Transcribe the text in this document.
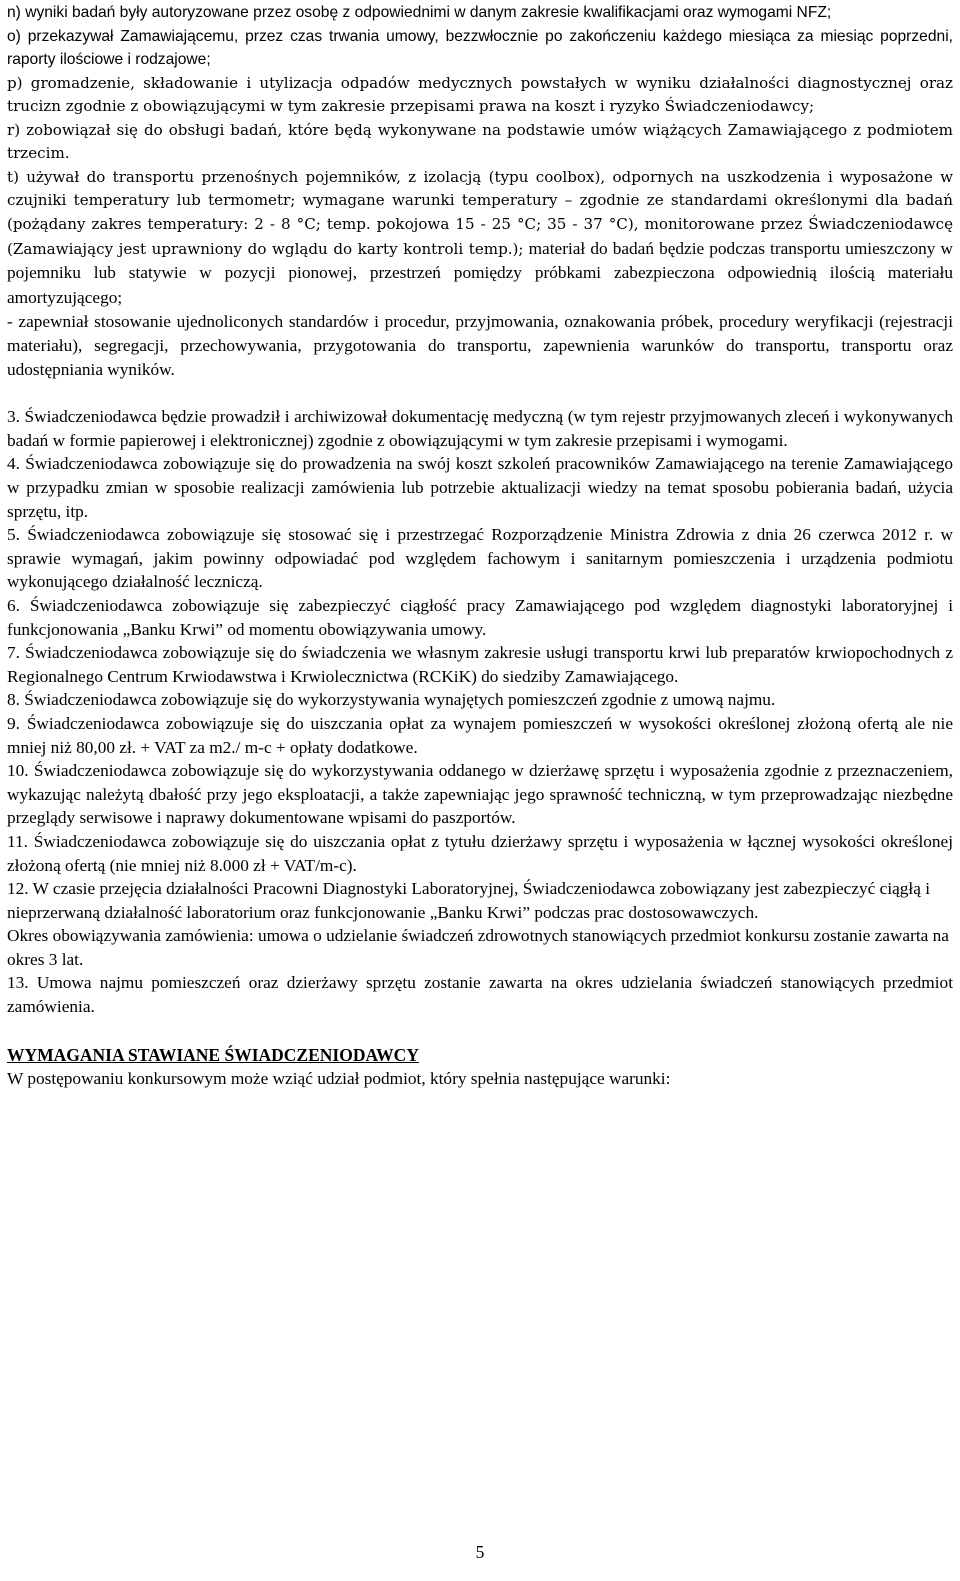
n) wyniki badań były autoryzowane przez osobę z odpowiednimi w danym zakresie kwalifikacjami oraz wymogami NFZ;

o) przekazywał Zamawiającemu, przez czas trwania umowy, bezzwłocznie po zakończeniu każdego miesiąca za miesiąc poprzedni, raporty ilościowe i rodzajowe;

p) gromadzenie, składowanie i utylizacja odpadów medycznych powstałych w wyniku działalności diagnostycznej oraz trucizn zgodnie z obowiązującymi w tym zakresie przepisami prawa na koszt i ryzyko Świadczeniodawcy;

r) zobowiązał się do obsługi badań, które będą wykonywane na podstawie umów wiążących Zamawiającego z podmiotem trzecim.

t) używał do transportu przenośnych pojemników, z izolacją (typu coolbox), odpornych na uszkodzenia i wyposażone w czujniki temperatury lub termometr; wymagane warunki temperatury – zgodnie ze standardami określonymi dla badań (pożądany zakres temperatury: 2 - 8 °C; temp. pokojowa 15 - 25 °C; 35 - 37 °C), monitorowane przez Świadczeniodawcę (Zamawiający jest uprawniony do wglądu do karty kontroli temp.); materiał do badań będzie podczas transportu umieszczony w pojemniku lub statywie w pozycji pionowej, przestrzeń pomiędzy próbkami zabezpieczona odpowiednią ilością materiału amortyzującego;

- zapewniał stosowanie ujednoliconych standardów i procedur, przyjmowania, oznakowania próbek, procedury weryfikacji (rejestracji materiału), segregacji, przechowywania, przygotowania do transportu, zapewnienia warunków do transportu, transportu oraz udostępniania wyników.

3. Świadczeniodawca będzie prowadził i archiwizował dokumentację medyczną (w tym rejestr przyjmowanych zleceń i wykonywanych badań w formie papierowej i elektronicznej) zgodnie z obowiązującymi w tym zakresie przepisami i wymogami.

4. Świadczeniodawca zobowiązuje się do prowadzenia na swój koszt szkoleń pracowników Zamawiającego na terenie Zamawiającego w przypadku zmian w sposobie realizacji zamówienia lub potrzebie aktualizacji wiedzy na temat sposobu pobierania badań, użycia sprzętu, itp.

5. Świadczeniodawca zobowiązuje się stosować się i przestrzegać Rozporządzenie Ministra Zdrowia z dnia 26 czerwca 2012 r. w sprawie wymagań, jakim powinny odpowiadać pod względem fachowym i sanitarnym pomieszczenia i urządzenia podmiotu wykonującego działalność leczniczą.

6. Świadczeniodawca zobowiązuje się zabezpieczyć ciągłość pracy Zamawiającego pod względem diagnostyki laboratoryjnej i funkcjonowania „Banku Krwi” od momentu obowiązywania umowy.

7. Świadczeniodawca zobowiązuje się do świadczenia we własnym zakresie usługi transportu krwi lub preparatów krwiopochodnych z Regionalnego Centrum Krwiodawstwa i Krwiolecznictwa (RCKiK) do siedziby Zamawiającego.

8. Świadczeniodawca zobowiązuje się do wykorzystywania wynajętych pomieszczeń zgodnie z umową najmu.

9. Świadczeniodawca zobowiązuje się do uiszczania opłat za wynajem pomieszczeń w wysokości określonej złożoną ofertą ale nie mniej niż 80,00 zł. + VAT za m2./ m-c + opłaty dodatkowe.

10. Świadczeniodawca zobowiązuje się do wykorzystywania oddanego w dzierżawę sprzętu i wyposażenia zgodnie z przeznaczeniem, wykazując należytą dbałość przy jego eksploatacji, a także zapewniając jego sprawność techniczną, w tym przeprowadzając niezbędne przeglądy serwisowe i naprawy dokumentowane wpisami do paszportów.

11. Świadczeniodawca zobowiązuje się do uiszczania opłat z tytułu dzierżawy sprzętu i wyposażenia w łącznej wysokości określonej złożoną ofertą (nie mniej niż 8.000 zł + VAT/m-c).

12. W czasie przejęcia działalności Pracowni Diagnostyki Laboratoryjnej, Świadczeniodawca zobowiązany jest zabezpieczyć ciągłą i nieprzerwaną działalność laboratorium oraz funkcjonowanie „Banku Krwi” podczas prac dostosowawczych.

Okres obowiązywania zamówienia: umowa o udzielanie świadczeń zdrowotnych stanowiących przedmiot konkursu zostanie zawarta na okres 3 lat.

13. Umowa najmu pomieszczeń oraz dzierżawy sprzętu zostanie zawarta na okres udzielania świadczeń stanowiących przedmiot zamówienia.

WYMAGANIA STAWIANE ŚWIADCZENIODAWCY

W postępowaniu konkursowym może wziąć udział podmiot, który spełnia następujące warunki:

5
